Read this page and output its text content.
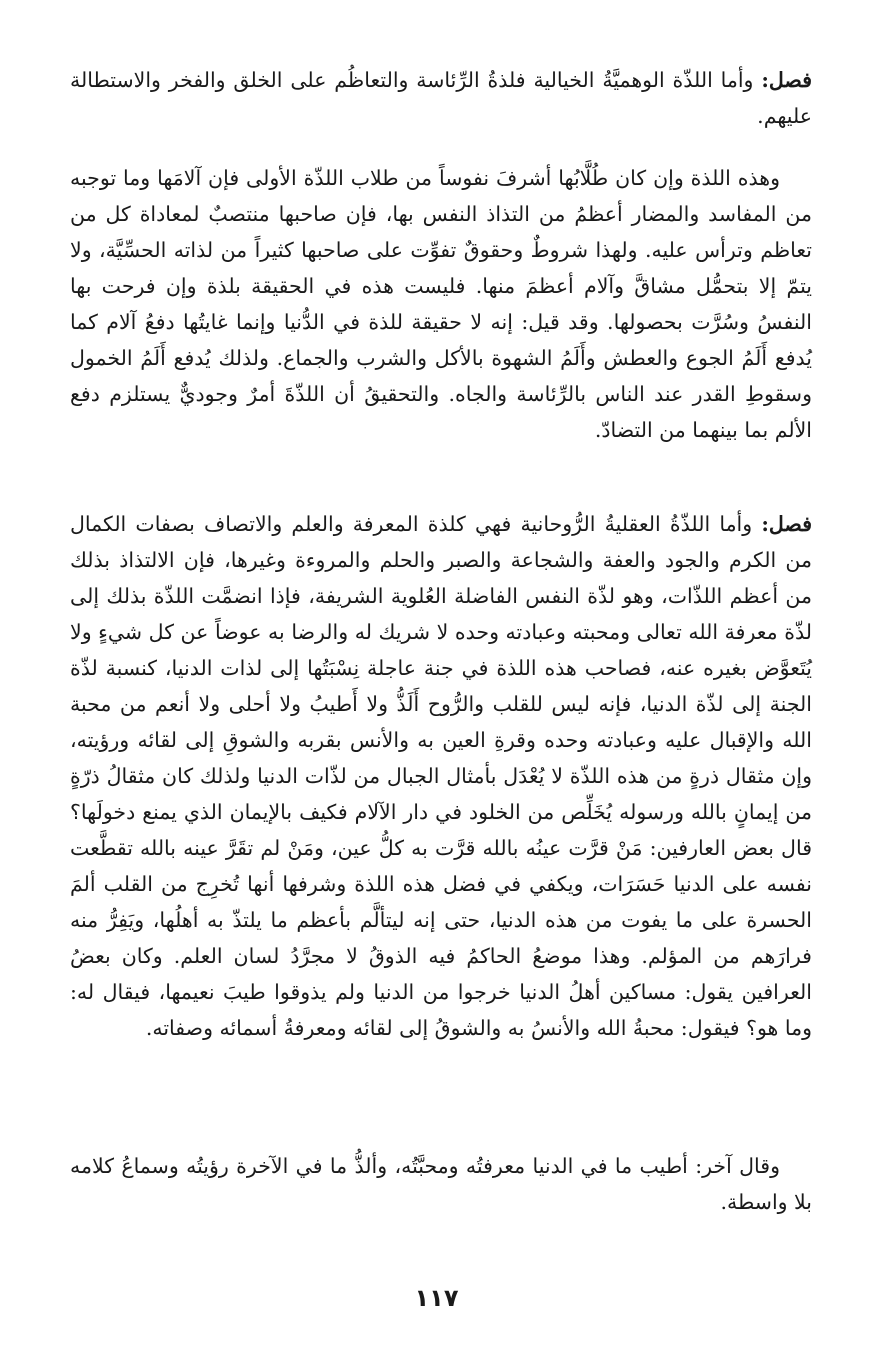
فصل: وأما اللذّة الوهميَّةُ الخيالية فلذةُ الرِّئاسة والتعاظُم على الخلق والفخر والاستطالة عليهم.

وهذه اللذة وإن كان طُلَّابُها أشرفَ نفوساً من طلاب اللذّة الأولى فإن آلامَها وما توجبه من المفاسد والمضار أعظمُ من التذاذ النفس بها، فإن صاحبها منتصبٌ لمعاداة كل من تعاظم وترأس عليه. ولهذا شروطٌ وحقوقٌ تفوِّت على صاحبها كثيراً من لذاته الحسِّيَّة، ولا يتمّ إلا بتحمُّل مشاقَّ وآلام أعظمَ منها. فليست هذه في الحقيقة بلذة وإن فرحت بها النفسُ وسُرَّت بحصولها. وقد قيل: إنه لا حقيقة للذة في الدُّنيا وإنما غايتُها دفعُ آلام كما يُدفع أَلَمُ الجوع والعطش وأَلَمُ الشهوة بالأكل والشرب والجماع. ولذلك يُدفع أَلَمُ الخمول وسقوطِ القدر عند الناس بالرِّئاسة والجاه. والتحقيقُ أن اللذّةَ أمرٌ وجوديٌّ يستلزم دفع الألم بما بينهما من التضادّ.

فصل: وأما اللذّةُ العقليةُ الرُّوحانية فهي كلذة المعرفة والعلم والاتصاف بصفات الكمال من الكرم والجود والعفة والشجاعة والصبر والحلم والمروءة وغيرها، فإن الالتذاذ بذلك من أعظم اللذّات، وهو لذّة النفس الفاضلة العُلوية الشريفة، فإذا انضمَّت اللذّة بذلك إلى لذّة معرفة الله تعالى ومحبته وعبادته وحده لا شريك له والرضا به عوضاً عن كل شيءٍ ولا يُتَعوَّض بغيره عنه، فصاحب هذه اللذة في جنة عاجلة نِسْبَتُها إلى لذات الدنيا، كنسبة لذّة الجنة إلى لذّة الدنيا، فإنه ليس للقلب والرُّوح أَلَذُّ ولا أَطيبُ ولا أحلى ولا أنعم من محبة الله والإقبال عليه وعبادته وحده وقرةِ العين به والأنس بقربه والشوقِ إلى لقائه ورؤيته، وإن مثقال ذرةٍ من هذه اللذّة لا يُعْدَل بأمثال الجبال من لذّات الدنيا ولذلك كان مثقالُ ذرّةٍ من إيمانٍ بالله ورسوله يُخَلِّص من الخلود في دار الآلام فكيف بالإيمان الذي يمنع دخولَها؟ قال بعض العارفين: مَنْ قرَّت عينُه بالله قرَّت به كلُّ عين، ومَنْ لم تقَرَّ عينه بالله تقطَّعت نفسه على الدنيا حَسَرَات، ويكفي في فضل هذه اللذة وشرفها أنها تُخرِج من القلب ألمَ الحسرة على ما يفوت من هذه الدنيا، حتى إنه ليتألَّم بأعظم ما يلتذّ به أهلُها، ويَفِرُّ منه فرارَهم من المؤلم. وهذا موضعُ الحاكمُ فيه الذوقُ لا مجرَّدُ لسان العلم. وكان بعضُ العرافين يقول: مساكين أهلُ الدنيا خرجوا من الدنيا ولم يذوقوا طيبَ نعيمها، فيقال له: وما هو؟ فيقول: محبةُ الله والأنسُ به والشوقُ إلى لقائه ومعرفةُ أسمائه وصفاته.

وقال آخر: أطيب ما في الدنيا معرفتُه ومحبَّتُه، وألذُّ ما في الآخرة رؤيتُه وسماعُ كلامه بلا واسطة.

١١٧
